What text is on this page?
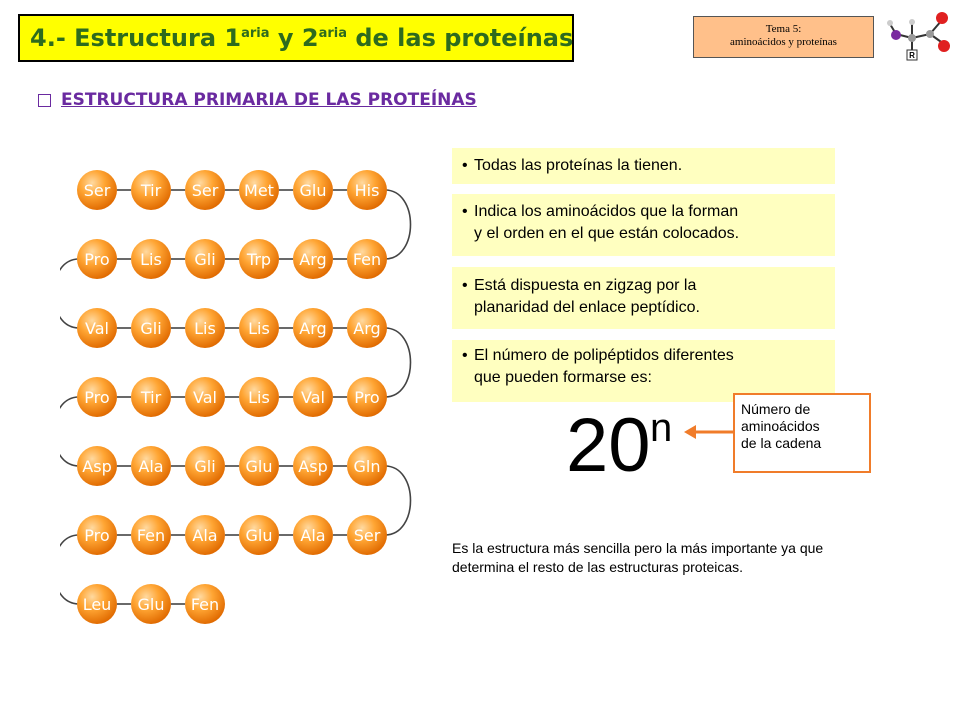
4.- Estructura $1^{aria}$ y $2^{aria}$ de las proteínas	Tema 5:
aminoácidos y proteínas
R
ESTRUCTURA PRIMARIA DE LAS PROTEÍNAS
Ser Tir Ser Met Glu His
Pro Lis Gli Trp Arg Fen
Val Gli Lis Lis Arg Arg
Pro Tir Val Lis Val Pro
Asp Ala Gli Glu Asp Gln
Pro Fen Ala Glu Ala Ser
Leu Glu Fen
• Todas las proteínas la tienen.
• Indica los aminoácidos que la forman
y el orden en el que están colocados.
• Está dispuesta en zigzag por la
planaridad del enlace peptídico.
• El número de polipéptidos diferentes
que pueden formarse es:
20 n	Número de
aminoácidos
de la cadena
Es la estructura más sencilla pero la más importante ya que determina el resto de las estructuras proteicas.
